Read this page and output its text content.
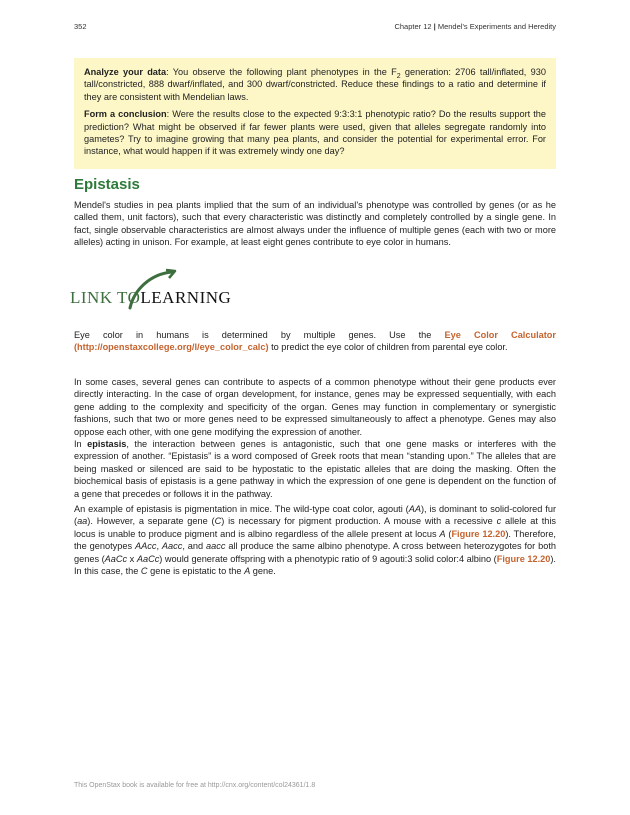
352	Chapter 12 | Mendel's Experiments and Heredity

Analyze your data: You observe the following plant phenotypes in the $F_2$ generation: 2706 tall/inflated, 930 tall/constricted, 888 dwarf/inflated, and 300 dwarf/constricted. Reduce these findings to a ratio and determine if they are consistent with Mendelian laws.

Form a conclusion: Were the results close to the expected 9:3:3:1 phenotypic ratio? Do the results support the prediction? What might be observed if far fewer plants were used, given that alleles segregate randomly into gametes? Try to imagine growing that many pea plants, and consider the potential for experimental error. For instance, what would happen if it was extremely windy one day?

Epistasis

Mendel's studies in pea plants implied that the sum of an individual's phenotype was controlled by genes (or as he called them, unit factors), such that every characteristic was distinctly and completely controlled by a single gene. In fact, single observable characteristics are almost always under the influence of multiple genes (each with two or more alleles) acting in unison. For example, at least eight genes contribute to eye color in humans.

LINK TOLEARNING

Eye color in humans is determined by multiple genes. Use the Eye Color Calculator (http://openstaxcollege.org/l/eye_color_calc) to predict the eye color of children from parental eye color.

In some cases, several genes can contribute to aspects of a common phenotype without their gene products ever directly interacting. In the case of organ development, for instance, genes may be expressed sequentially, with each gene adding to the complexity and specificity of the organ. Genes may function in complementary or synergistic fashions, such that two or more genes need to be expressed simultaneously to affect a phenotype. Genes may also oppose each other, with one gene modifying the expression of another.

In epistasis, the interaction between genes is antagonistic, such that one gene masks or interferes with the expression of another. “Epistasis” is a word composed of Greek roots that mean “standing upon.” The alleles that are being masked or silenced are said to be hypostatic to the epistatic alleles that are doing the masking. Often the biochemical basis of epistasis is a gene pathway in which the expression of one gene is dependent on the function of a gene that precedes or follows it in the pathway.

An example of epistasis is pigmentation in mice. The wild-type coat color, agouti (AA), is dominant to solid-colored fur (aa). However, a separate gene (C) is necessary for pigment production. A mouse with a recessive c allele at this locus is unable to produce pigment and is albino regardless of the allele present at locus A (Figure 12.20). Therefore, the genotypes AAcc, Aacc, and aacc all produce the same albino phenotype. A cross between heterozygotes for both genes (AaCc x AaCc) would generate offspring with a phenotypic ratio of 9 agouti:3 solid color:4 albino (Figure 12.20). In this case, the C gene is epistatic to the A gene.

This OpenStax book is available for free at http://cnx.org/content/col24361/1.8
